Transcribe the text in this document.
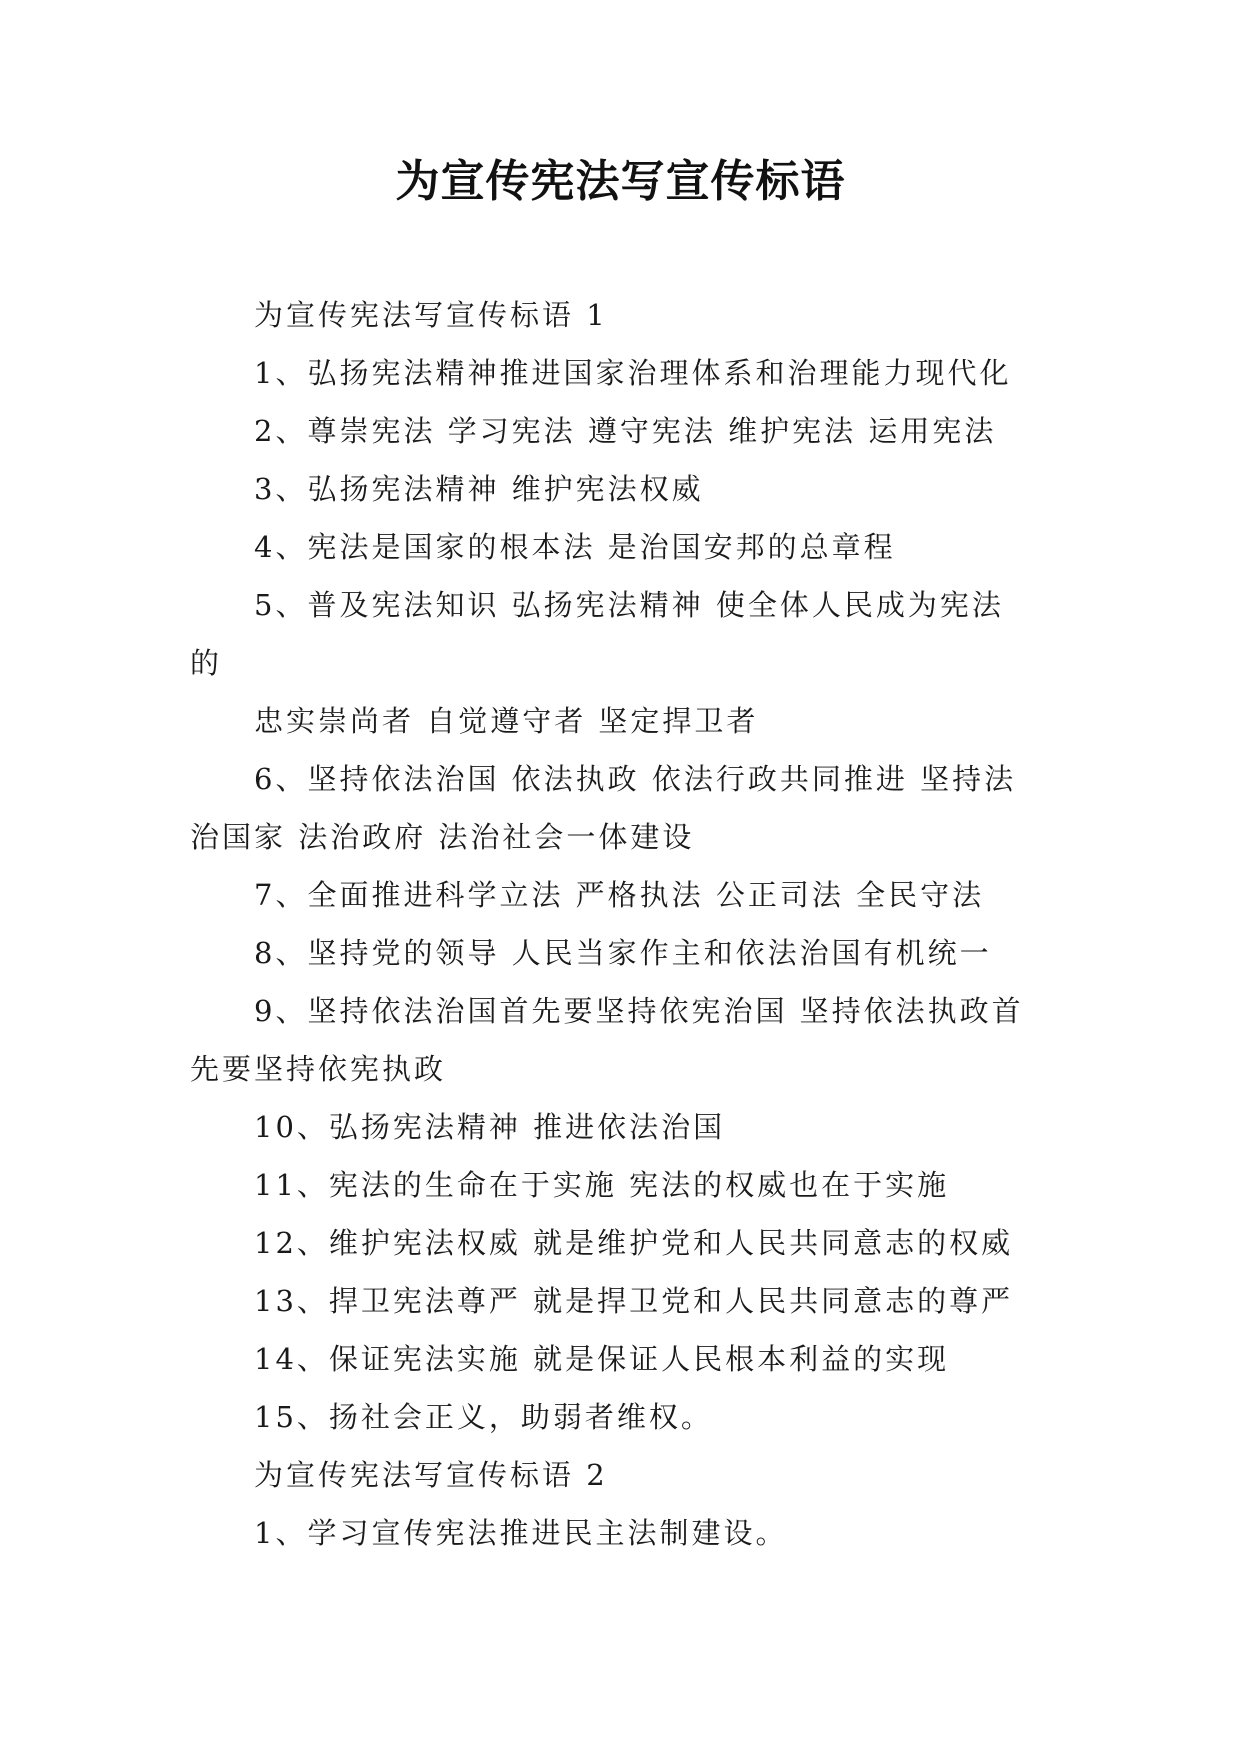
为宣传宪法写宣传标语
为宣传宪法写宣传标语 1
1、弘扬宪法精神推进国家治理体系和治理能力现代化
2、尊崇宪法 学习宪法 遵守宪法 维护宪法 运用宪法
3、弘扬宪法精神 维护宪法权威
4、宪法是国家的根本法 是治国安邦的总章程
5、普及宪法知识 弘扬宪法精神 使全体人民成为宪法
的
忠实崇尚者 自觉遵守者 坚定捍卫者
6、坚持依法治国 依法执政 依法行政共同推进 坚持法
治国家 法治政府 法治社会一体建设
7、全面推进科学立法 严格执法 公正司法 全民守法
8、坚持党的领导 人民当家作主和依法治国有机统一
9、坚持依法治国首先要坚持依宪治国 坚持依法执政首
先要坚持依宪执政
10、弘扬宪法精神 推进依法治国
11、宪法的生命在于实施 宪法的权威也在于实施
12、维护宪法权威 就是维护党和人民共同意志的权威
13、捍卫宪法尊严 就是捍卫党和人民共同意志的尊严
14、保证宪法实施 就是保证人民根本利益的实现
15、扬社会正义，助弱者维权。
为宣传宪法写宣传标语 2
1、学习宣传宪法推进民主法制建设。
